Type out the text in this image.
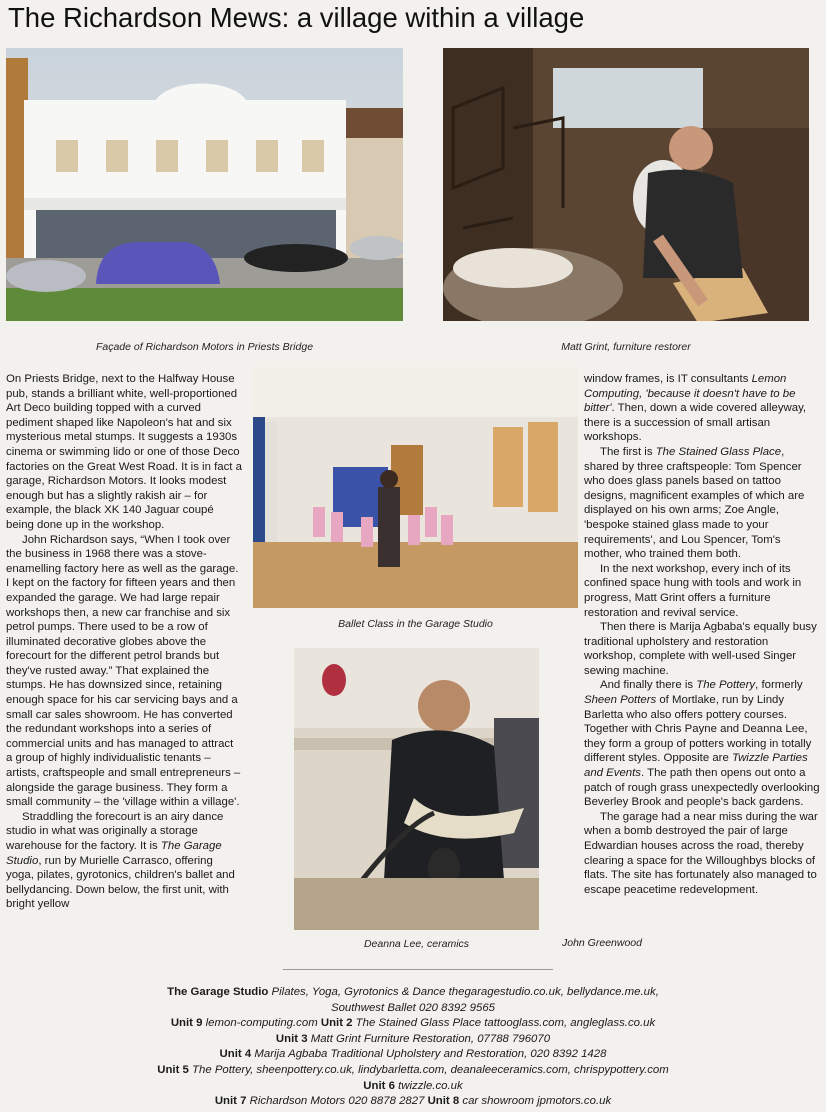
The Richardson Mews: a village within a village
Façade of Richardson Motors in Priests Bridge	Matt Grint, furniture restorer
Ballet Class in the Garage Studio
Deanna Lee, ceramics

On Priests Bridge, next to the Halfway House pub, stands a brilliant white, well-proportioned Art Deco building topped with a curved pediment shaped like Napoleon's hat and six mysterious metal stumps. It suggests a 1930s cinema or swimming lido or one of those Deco factories on the Great West Road. It is in fact a garage, Richardson Motors. It looks modest enough but has a slightly rakish air – for example, the black XK 140 Jaguar coupé being done up in the workshop.

John Richardson says, “When I took over the business in 1968 there was a stove-enamelling factory here as well as the garage. I kept on the factory for fifteen years and then expanded the garage. We had large repair workshops then, a new car franchise and six petrol pumps. There used to be a row of illuminated decorative globes above the forecourt for the different petrol brands but they've rusted away.” That explained the stumps. He has downsized since, retaining enough space for his car servicing bays and a small car sales showroom. He has converted the redundant workshops into a series of commercial units and has managed to attract a group of highly individualistic tenants – artists, craftspeople and small entrepreneurs – alongside the garage business. They form a small community – the 'village within a village'.

Straddling the forecourt is an airy dance studio in what was originally a storage warehouse for the factory. It is The Garage Studio, run by Murielle Carrasco, offering yoga, pilates, gyrotonics, children's ballet and bellydancing. Down below, the first unit, with bright yellow

window frames, is IT consultants Lemon Computing, 'because it doesn't have to be bitter'. Then, down a wide covered alleyway, there is a succession of small artisan workshops.

The first is The Stained Glass Place, shared by three craftspeople: Tom Spencer who does glass panels based on tattoo designs, magnificent examples of which are displayed on his own arms; Zoe Angle, 'bespoke stained glass made to your requirements', and Lou Spencer, Tom's mother, who trained them both.

In the next workshop, every inch of its confined space hung with tools and work in progress, Matt Grint offers a furniture restoration and revival service.

Then there is Marija Agbaba's equally busy traditional upholstery and restoration workshop, complete with well-used Singer sewing machine.

And finally there is The Pottery, formerly Sheen Potters of Mortlake, run by Lindy Barletta who also offers pottery courses. Together with Chris Payne and Deanna Lee, they form a group of potters working in totally different styles. Opposite are Twizzle Parties and Events. The path then opens out onto a patch of rough grass unexpectedly overlooking Beverley Brook and people's back gardens.

The garage had a near miss during the war when a bomb destroyed the pair of large Edwardian houses across the road, thereby clearing a space for the Willoughbys blocks of flats. The site has fortunately also managed to escape peacetime redevelopment.

John Greenwood
The Garage Studio Pilates, Yoga, Gyrotonics & Dance thegaragestudio.co.uk, bellydance.me.uk,
Southwest Ballet 020 8392 9565
Unit 9 lemon-computing.com Unit 2 The Stained Glass Place tattooglass.com, angleglass.co.uk
Unit 3 Matt Grint Furniture Restoration, 07788 796070
Unit 4 Marija Agbaba Traditional Upholstery and Restoration, 020 8392 1428
Unit 5 The Pottery, sheenpottery.co.uk, lindybarletta.com, deanaleeceramics.com, chrispypottery.com
Unit 6 twizzle.co.uk
Unit 7 Richardson Motors 020 8878 2827 Unit 8 car showroom jpmotors.co.uk
